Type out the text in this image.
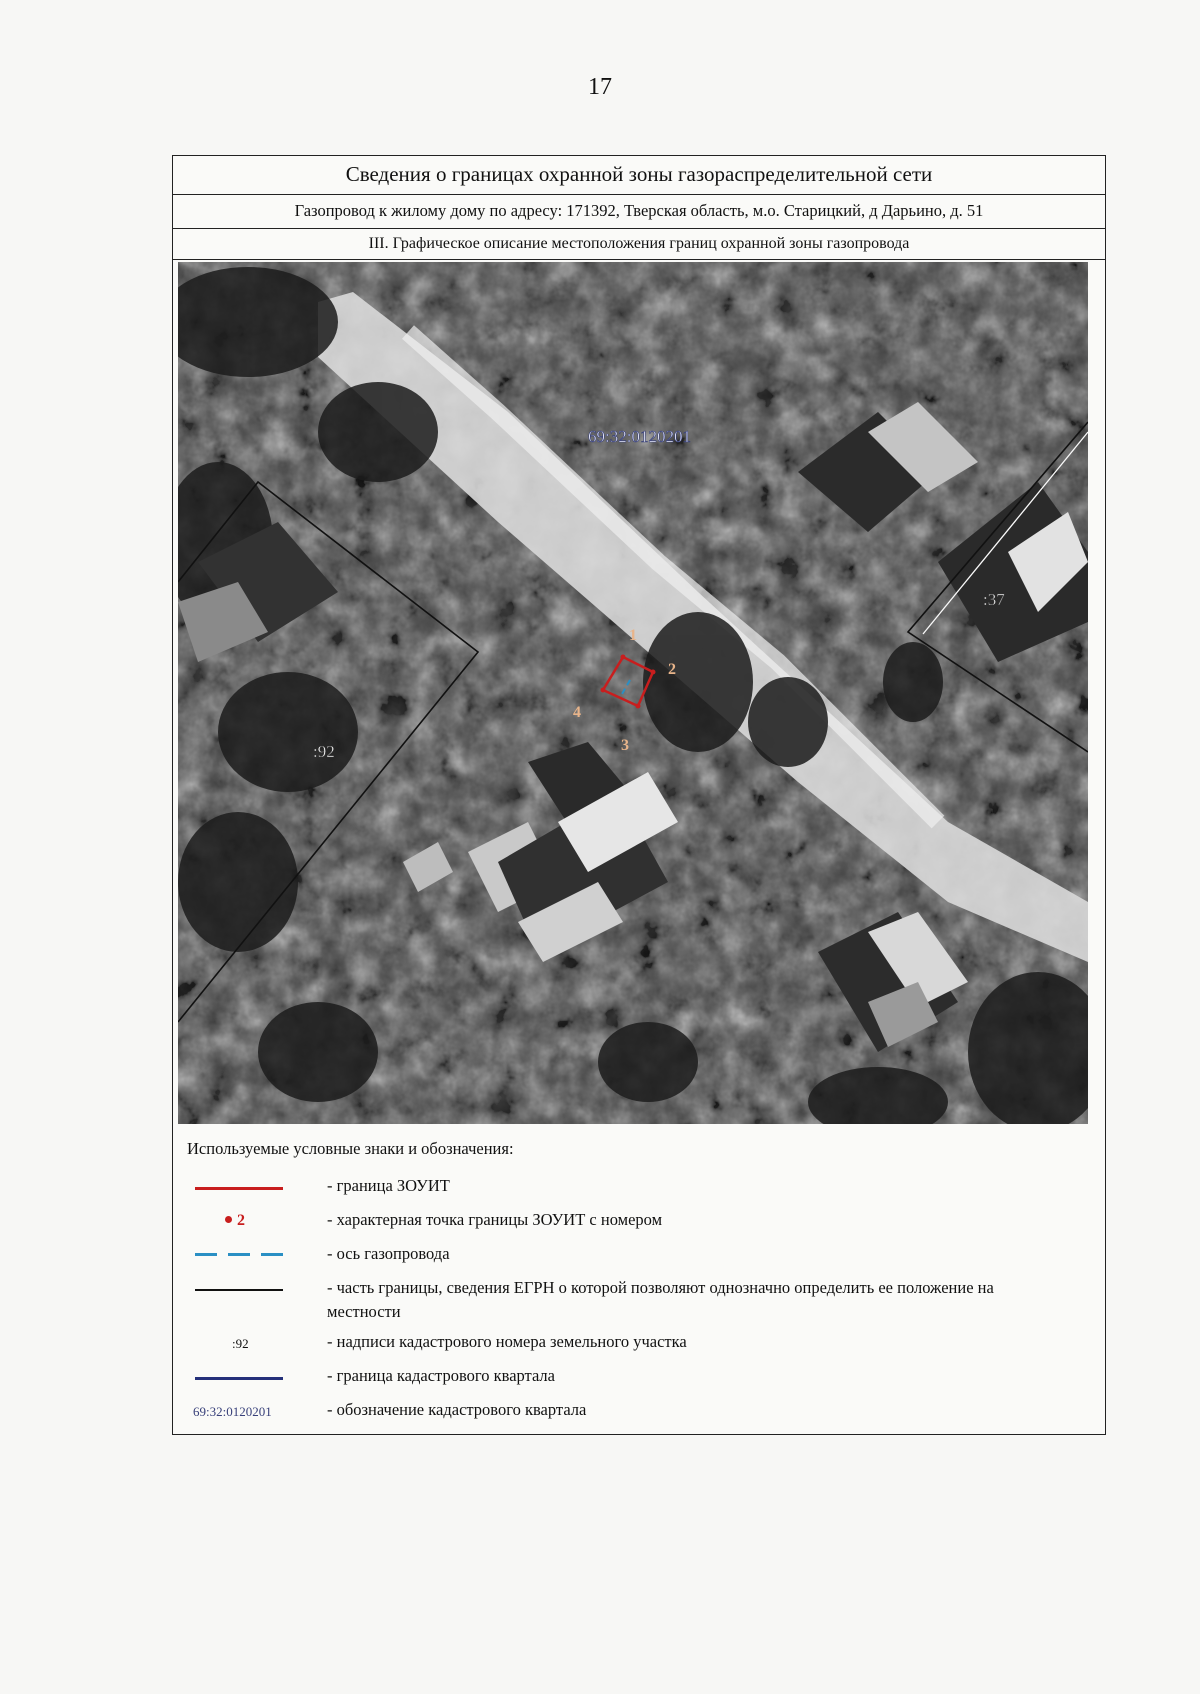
17
Сведения о границах охранной зоны газораспределительной сети
Газопровод к жилому дому по адресу: 171392, Тверская область, м.о. Старицкий, д Дарьино, д. 51
III. Графическое описание местоположения границ охранной зоны газопровода
1
2
3
4
69:32:0120201
:92
:37
Используемые условные знаки и обозначения:
- граница ЗОУИТ
2	- характерная точка границы ЗОУИТ с номером
- ось газопровода
- часть границы, сведения ЕГРН о которой позволяют однозначно определить ее положение на местности
:92	- надписи кадастрового номера земельного участка
- граница кадастрового квартала
69:32:0120201	- обозначение кадастрового квартала
